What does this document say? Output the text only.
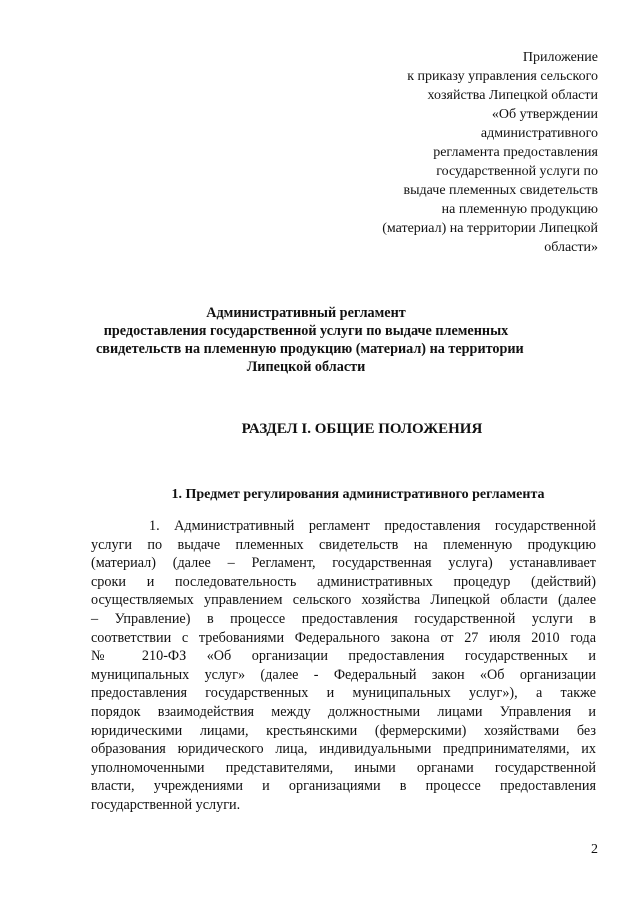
Приложение
к приказу управления сельского
хозяйства Липецкой области
«Об утверждении
административного
регламента предоставления
государственной услуги по
выдаче племенных свидетельств
на племенную продукцию
(материал) на территории Липецкой
области»
Административный регламент
предоставления государственной услуги по выдаче племенных
свидетельств на племенную продукцию (материал) на территории
Липецкой области
РАЗДЕЛ I. ОБЩИЕ ПОЛОЖЕНИЯ
1. Предмет регулирования административного регламента
1. Административный регламент предоставления государственной
услуги по выдаче племенных свидетельств на племенную продукцию
(материал) (далее – Регламент, государственная услуга) устанавливает
сроки и последовательность административных процедур (действий)
осуществляемых управлением сельского хозяйства Липецкой области (далее
– Управление) в процессе предоставления государственной услуги в
соответствии с требованиями Федерального закона от 27 июля 2010 года
№ 210-ФЗ «Об организации предоставления государственных и
муниципальных услуг» (далее - Федеральный закон «Об организации
предоставления государственных и муниципальных услуг»), а также
порядок взаимодействия между должностными лицами Управления и
юридическими лицами, крестьянскими (фермерскими) хозяйствами без
образования юридического лица, индивидуальными предпринимателями, их
уполномоченными представителями, иными органами государственной
власти, учреждениями и организациями в процессе предоставления
государственной услуги.
2
